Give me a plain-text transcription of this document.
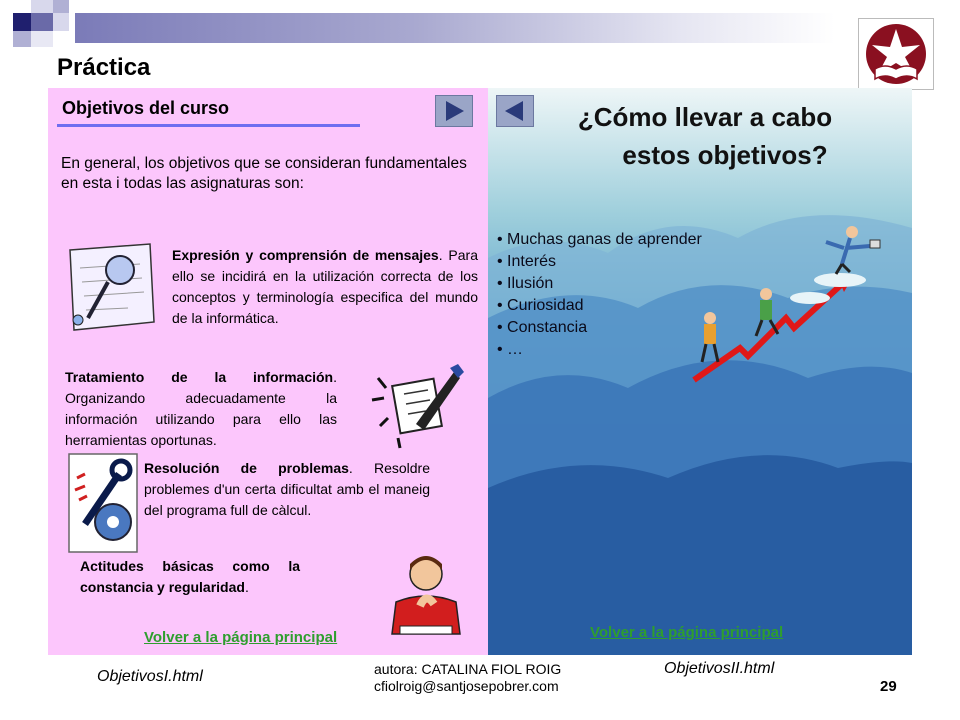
Práctica
Objetivos del curso
En general, los objetivos que se consideran fundamentales en esta i todas las asignaturas son:
Expresión y comprensión de mensajes. Para ello se incidirá en la utilización correcta de los conceptos y terminología especifica del mundo de la informática.
Tratamiento de la información. Organizando adecuadamente la información utilizando para ello las herramientas oportunas.
Resolución de problemas. Resoldre problemes d'un certa dificultat amb el maneig del programa full de càlcul.
Actitudes básicas como la constancia y regularidad.
Volver a la página principal
¿Cómo llevar a cabo
estos objetivos?
• Muchas ganas de aprender
• Interés
• Ilusión
• Curiosidad
• Constancia
• …
Volver a la página principal
ObjetivosI.html	autora: CATALINA FIOL ROIG
cfiolroig@santjosepobrer.com
ObjetivosII.html
29
